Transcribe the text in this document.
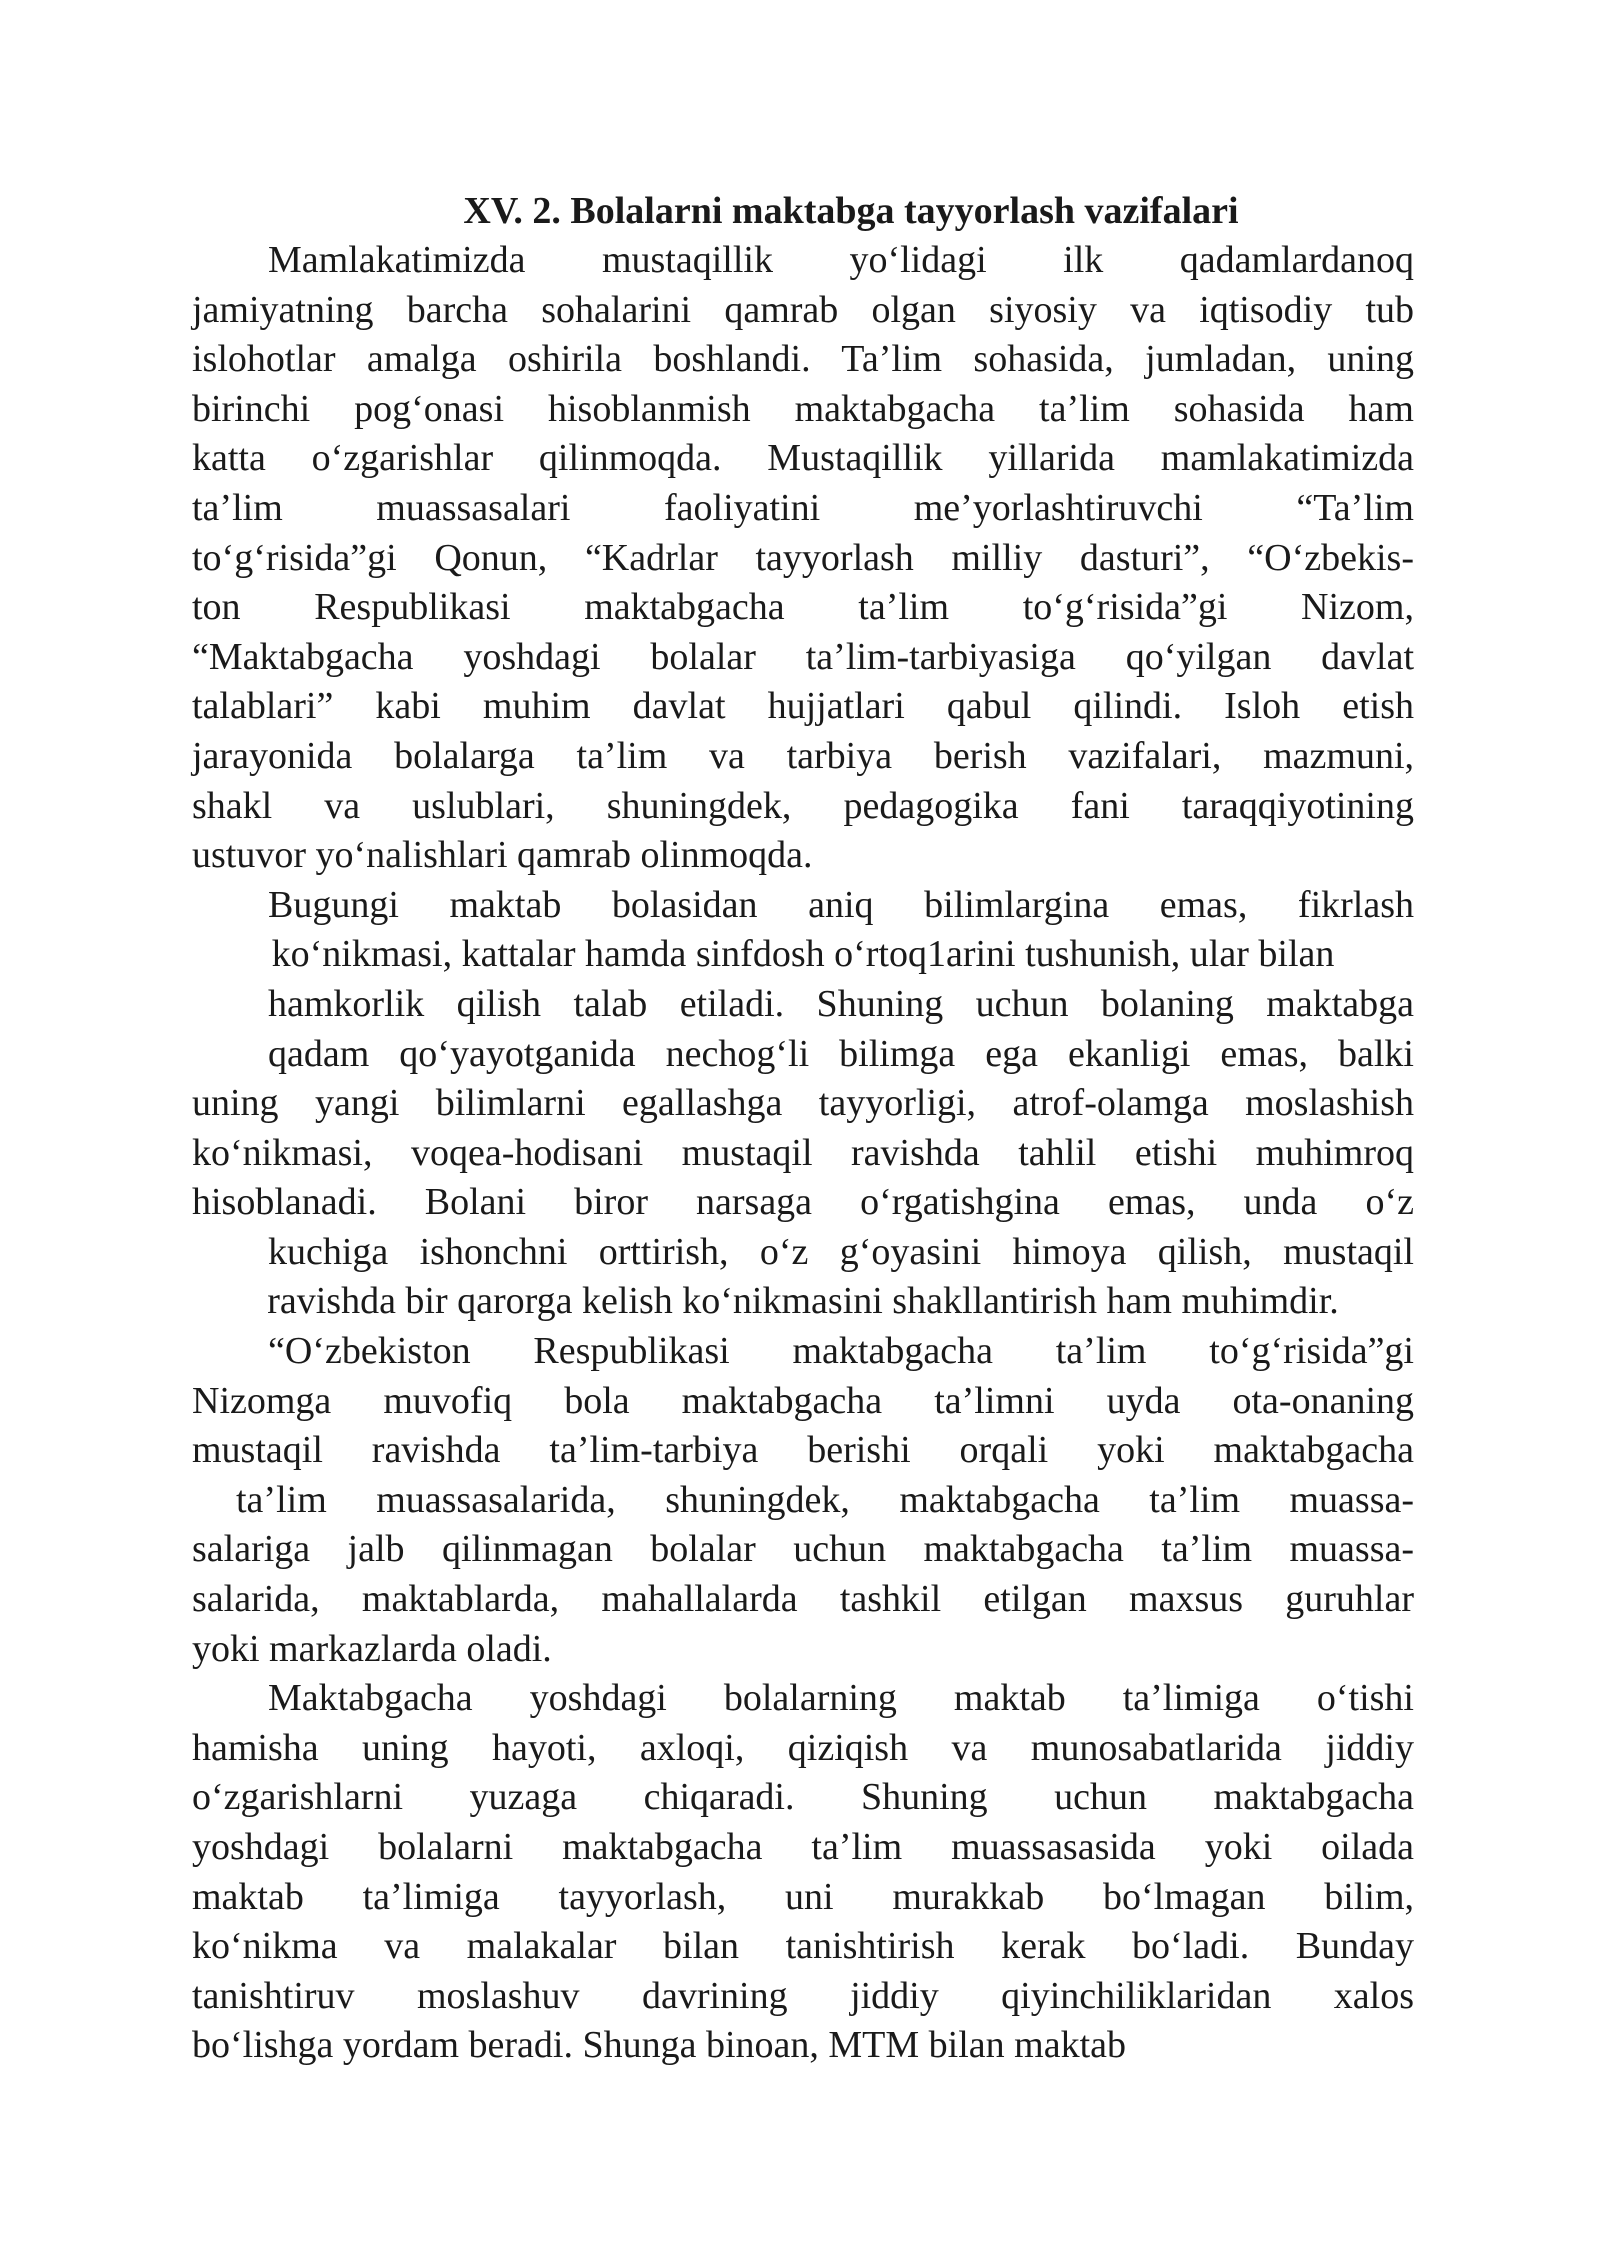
XV. 2. Bolalarni maktabga tayyorlash vazifalari
Mamlakatimizda mustaqillik yo‘lidagi ilk qadamlardanoq
jamiyatning barcha sohalarini qamrab olgan siyosiy va iqtisodiy tub
islohotlar amalga oshirila boshlandi. Ta’lim sohasida, jumladan, uning
birinchi pog‘onasi hisoblanmish maktabgacha ta’lim sohasida ham
katta o‘zgarishlar qilinmoqda. Mustaqillik yillarida mamlakatimizda
ta’lim muassasalari faoliyatini me’yorlashtiruvchi “Ta’lim
to‘g‘risida”gi Qonun, “Kadrlar tayyorlash milliy dasturi”, “O‘zbekis-
ton Respublikasi maktabgacha ta’lim to‘g‘risida”gi Nizom,
“Maktabgacha yoshdagi bolalar ta’lim-tarbiyasiga qo‘yilgan davlat
talablari” kabi muhim davlat hujjatlari qabul qilindi. Isloh etish
jarayonida bolalarga ta’lim va tarbiya berish vazifalari, mazmuni,
shakl va uslublari, shuningdek, pedagogika fani taraqqiyotining
ustuvor yo‘nalishlari qamrab olinmoqda.
Bugungi maktab bolasidan aniq bilimlargina emas, fikrlash
ko‘nikmasi, kattalar hamda sinfdosh o‘rtoq1arini tushunish, ular bilan
hamkorlik qilish talab etiladi. Shuning uchun bolaning maktabga
qadam qo‘yayotganida nechog‘li bilimga ega ekanligi emas, balki
uning yangi bilimlarni egallashga tayyorligi, atrof-olamga moslashish
ko‘nikmasi, voqea-hodisani mustaqil ravishda tahlil etishi muhimroq
hisoblanadi. Bolani biror narsaga o‘rgatishgina emas, unda o‘z
kuchiga ishonchni orttirish, o‘z g‘oyasini himoya qilish, mustaqil
ravishda bir qarorga kelish ko‘nikmasini shakllantirish ham muhimdir.
“O‘zbekiston Respublikasi maktabgacha ta’lim to‘g‘risida”gi
Nizomga muvofiq bola maktabgacha ta’limni uyda ota-onaning
mustaqil ravishda ta’lim-tarbiya berishi orqali yoki maktabgacha
ta’lim muassasalarida, shuningdek, maktabgacha ta’lim muassa-
salariga jalb qilinmagan bolalar uchun maktabgacha ta’lim muassa-
salarida, maktablarda, mahallalarda tashkil etilgan maxsus guruhlar
yoki markazlarda oladi.
Maktabgacha yoshdagi bolalarning maktab ta’limiga o‘tishi
hamisha uning hayoti, axloqi, qiziqish va munosabatlarida jiddiy
o‘zgarishlarni yuzaga chiqaradi. Shuning uchun maktabgacha
yoshdagi bolalarni maktabgacha ta’lim muassasasida yoki oilada
maktab ta’limiga tayyorlash, uni murakkab bo‘lmagan bilim,
ko‘nikma va malakalar bilan tanishtirish kerak bo‘ladi. Bunday
tanishtiruv moslashuv davrining jiddiy qiyinchiliklaridan xalos
bo‘lishga yordam beradi. Shunga binoan, MTM bilan maktab
